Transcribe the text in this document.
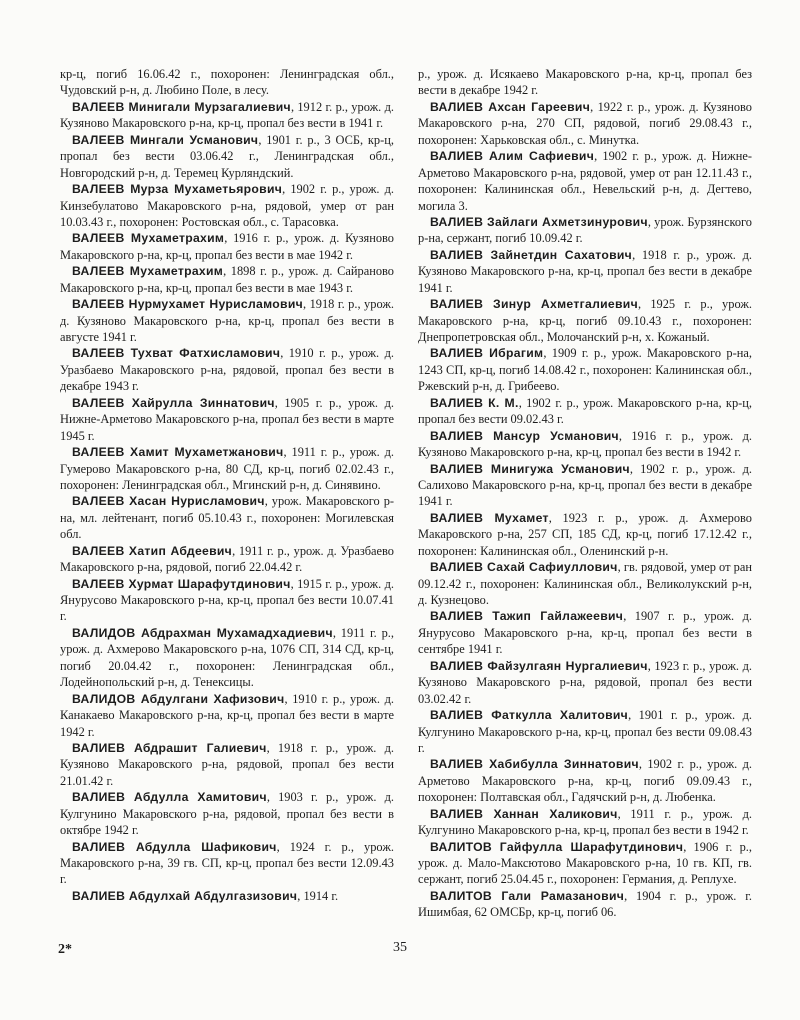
кр-ц, погиб 16.06.42 г., похоронен: Ленинградская обл., Чудовский р-н, д. Любино Поле, в лесу.

ВАЛЕЕВ Минигали Мурзагалиевич, 1912 г. р., урож. д. Кузяново Макаровского р-на, кр-ц, пропал без вести в 1941 г.

ВАЛЕЕВ Мингали Усманович, 1901 г. р., 3 ОСБ, кр-ц, пропал без вести 03.06.42 г., Ленинградская обл., Новгородский р-н, д. Теремец Курляндский.

ВАЛЕЕВ Мурза Мухаметьярович, 1902 г. р., урож. д. Кинзебулатово Макаровского р-на, рядовой, умер от ран 10.03.43 г., похоронен: Ростовская обл., с. Тарасовка.

ВАЛЕЕВ Мухаметрахим, 1916 г. р., урож. д. Кузяново Макаровского р-на, кр-ц, пропал без вести в мае 1942 г.

ВАЛЕЕВ Мухаметрахим, 1898 г. р., урож. д. Сайраново Макаровского р-на, кр-ц, пропал без вести в мае 1943 г.

ВАЛЕЕВ Нурмухамет Нурисламович, 1918 г. р., урож. д. Кузяново Макаровского р-на, кр-ц, пропал без вести в августе 1941 г.

ВАЛЕЕВ Тухват Фатхисламович, 1910 г. р., урож. д. Уразбаево Макаровского р-на, рядовой, пропал без вести в декабре 1943 г.

ВАЛЕЕВ Хайрулла Зиннатович, 1905 г. р., урож. д. Нижне-Арметово Макаровского р-на, пропал без вести в марте 1945 г.

ВАЛЕЕВ Хамит Мухаметжанович, 1911 г. р., урож. д. Гумерово Макаровского р-на, 80 СД, кр-ц, погиб 02.02.43 г., похоронен: Ленинградская обл., Мгинский р-н, д. Синявино.

ВАЛЕЕВ Хасан Нурисламович, урож. Макаровского р-на, мл. лейтенант, погиб 05.10.43 г., похоронен: Могилевская обл.

ВАЛЕЕВ Хатип Абдеевич, 1911 г. р., урож. д. Уразбаево Макаровского р-на, рядовой, погиб 22.04.42 г.

ВАЛЕЕВ Хурмат Шарафутдинович, 1915 г. р., урож. д. Янурусово Макаровского р-на, кр-ц, пропал без вести 10.07.41 г.

ВАЛИДОВ Абдрахман Мухамадхадиевич, 1911 г. р., урож. д. Ахмерово Макаровского р-на, 1076 СП, 314 СД, кр-ц, погиб 20.04.42 г., похоронен: Ленинградская обл., Лодейнопольский р-н, д. Тенексицы.

ВАЛИДОВ Абдулгани Хафизович, 1910 г. р., урож. д. Канакаево Макаровского р-на, кр-ц, пропал без вести в марте 1942 г.

ВАЛИЕВ Абдрашит Галиевич, 1918 г. р., урож. д. Кузяново Макаровского р-на, рядовой, пропал без вести 21.01.42 г.

ВАЛИЕВ Абдулла Хамитович, 1903 г. р., урож. д. Кулгунино Макаровского р-на, рядовой, пропал без вести в октябре 1942 г.

ВАЛИЕВ Абдулла Шафикович, 1924 г. р., урож. Макаровского р-на, 39 гв. СП, кр-ц, пропал без вести 12.09.43 г.

ВАЛИЕВ Абдулхай Абдулгазизович, 1914 г.

р., урож. д. Исякаево Макаровского р-на, кр-ц, пропал без вести в декабре 1942 г.

ВАЛИЕВ Ахсан Гареевич, 1922 г. р., урож. д. Кузяново Макаровского р-на, 270 СП, рядовой, погиб 29.08.43 г., похоронен: Харьковская обл., с. Минутка.

ВАЛИЕВ Алим Сафиевич, 1902 г. р., урож. д. Нижне-Арметово Макаровского р-на, рядовой, умер от ран 12.11.43 г., похоронен: Калининская обл., Невельский р-н, д. Дегтево, могила 3.

ВАЛИЕВ Зайлаги Ахметзинурович, урож. Бурзянского р-на, сержант, погиб 10.09.42 г.

ВАЛИЕВ Зайнетдин Сахатович, 1918 г. р., урож. д. Кузяново Макаровского р-на, кр-ц, пропал без вести в декабре 1941 г.

ВАЛИЕВ Зинур Ахметгалиевич, 1925 г. р., урож. Макаровского р-на, кр-ц, погиб 09.10.43 г., похоронен: Днепропетровская обл., Молочанский р-н, х. Кожаный.

ВАЛИЕВ Ибрагим, 1909 г. р., урож. Макаровского р-на, 1243 СП, кр-ц, погиб 14.08.42 г., похоронен: Калининская обл., Ржевский р-н, д. Грибеево.

ВАЛИЕВ К. М., 1902 г. р., урож. Макаровского р-на, кр-ц, пропал без вести 09.02.43 г.

ВАЛИЕВ Мансур Усманович, 1916 г. р., урож. д. Кузяново Макаровского р-на, кр-ц, пропал без вести в 1942 г.

ВАЛИЕВ Минигужа Усманович, 1902 г. р., урож. д. Салихово Макаровского р-на, кр-ц, пропал без вести в декабре 1941 г.

ВАЛИЕВ Мухамет, 1923 г. р., урож. д. Ахмерово Макаровского р-на, 257 СП, 185 СД, кр-ц, погиб 17.12.42 г., похоронен: Калининская обл., Оленинский р-н.

ВАЛИЕВ Сахай Сафиуллович, гв. рядовой, умер от ран 09.12.42 г., похоронен: Калининская обл., Великолукский р-н, д. Кузнецово.

ВАЛИЕВ Тажип Гайлажеевич, 1907 г. р., урож. д. Янурусово Макаровского р-на, кр-ц, пропал без вести в сентябре 1941 г.

ВАЛИЕВ Файзулгаян Нургалиевич, 1923 г. р., урож. д. Кузяново Макаровского р-на, рядовой, пропал без вести 03.02.42 г.

ВАЛИЕВ Фаткулла Халитович, 1901 г. р., урож. д. Кулгунино Макаровского р-на, кр-ц, пропал без вести 09.08.43 г.

ВАЛИЕВ Хабибулла Зиннатович, 1902 г. р., урож. д. Арметово Макаровского р-на, кр-ц, погиб 09.09.43 г., похоронен: Полтавская обл., Гадячский р-н, д. Любенка.

ВАЛИЕВ Ханнан Халикович, 1911 г. р., урож. д. Кулгунино Макаровского р-на, кр-ц, пропал без вести в 1942 г.

ВАЛИТОВ Гайфулла Шарафутдинович, 1906 г. р., урож. д. Мало-Максютово Макаровского р-на, 10 гв. КП, гв. сержант, погиб 25.04.45 г., похоронен: Германия, д. Реплухе.

ВАЛИТОВ Гали Рамазанович, 1904 г. р., урож. г. Ишимбая, 62 ОМСБр, кр-ц, погиб 06.

2*	35
